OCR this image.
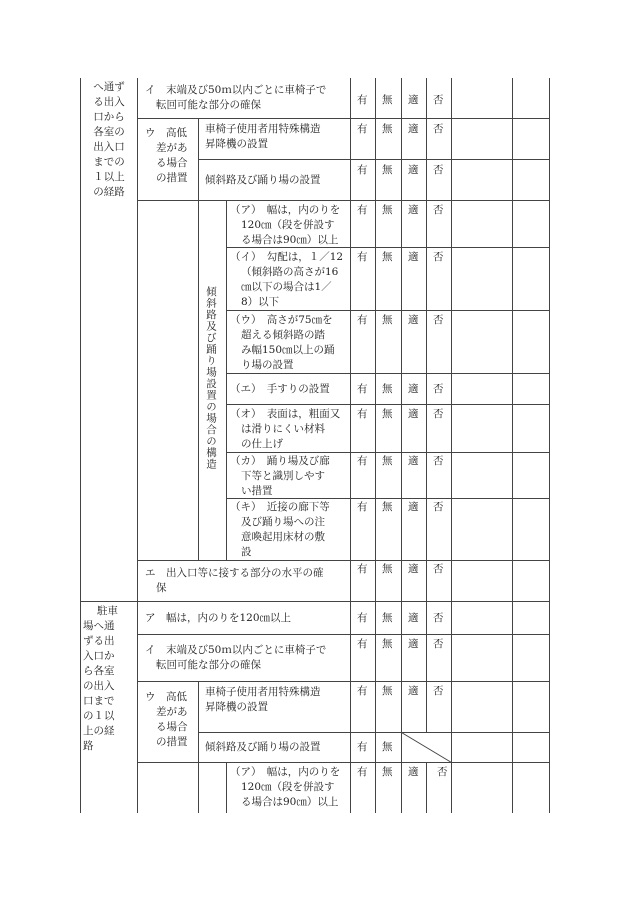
へ通ず
る出入
口から
各室の
出入口
までの
１以上
の経路
イ　末端及び50ｍ以内ごとに車椅子で
転回可能な部分の確保	有 無 適 否
ウ　高低
差があ
る場合
の措置
車椅子使用者用特殊構造
昇降機の設置
有 無 適 否
傾斜路及び踊り場の設置
有 無 適 否
傾斜路及び踊り場設置の場合の構造
（ア）　幅は，内のりを
120㎝（段を併設す
る場合は90㎝）以上
有 無 適 否
（イ）　勾配は，１／12
（傾斜路の高さが16
㎝以下の場合は1／
8）以下
有 無 適 否
（ウ）　高さが75㎝を
超える傾斜路の踏
み幅150㎝以上の踊
り場の設置
有 無 適 否
（エ）　手すりの設置	有 無 適 否
（オ）　表面は，粗面又
は滑りにくい材料
の仕上げ
有 無 適 否
（カ）　踊り場及び廊
下等と識別しやす
い措置
有 無 適 否
（キ）　近接の廊下等
及び踊り場への注
意喚起用床材の敷
設
有 無 適 否
エ　出入口等に接する部分の水平の確
保
有 無 適 否
駐車
場へ通
ずる出
入口か
ら各室
の出入
口まで
の１以
上の経
路
ア　幅は，内のりを120㎝以上	有 無 適 否
イ　末端及び50ｍ以内ごとに車椅子で
転回可能な部分の確保
有 無 適 否
ウ　高低
差があ
る場合
の措置
車椅子使用者用特殊構造
昇降機の設置
有 無 適 否
傾斜路及び踊り場の設置	有 無
（ア）　幅は，内のりを
120㎝（段を併設す
る場合は90㎝）以上
有 無 適 否
